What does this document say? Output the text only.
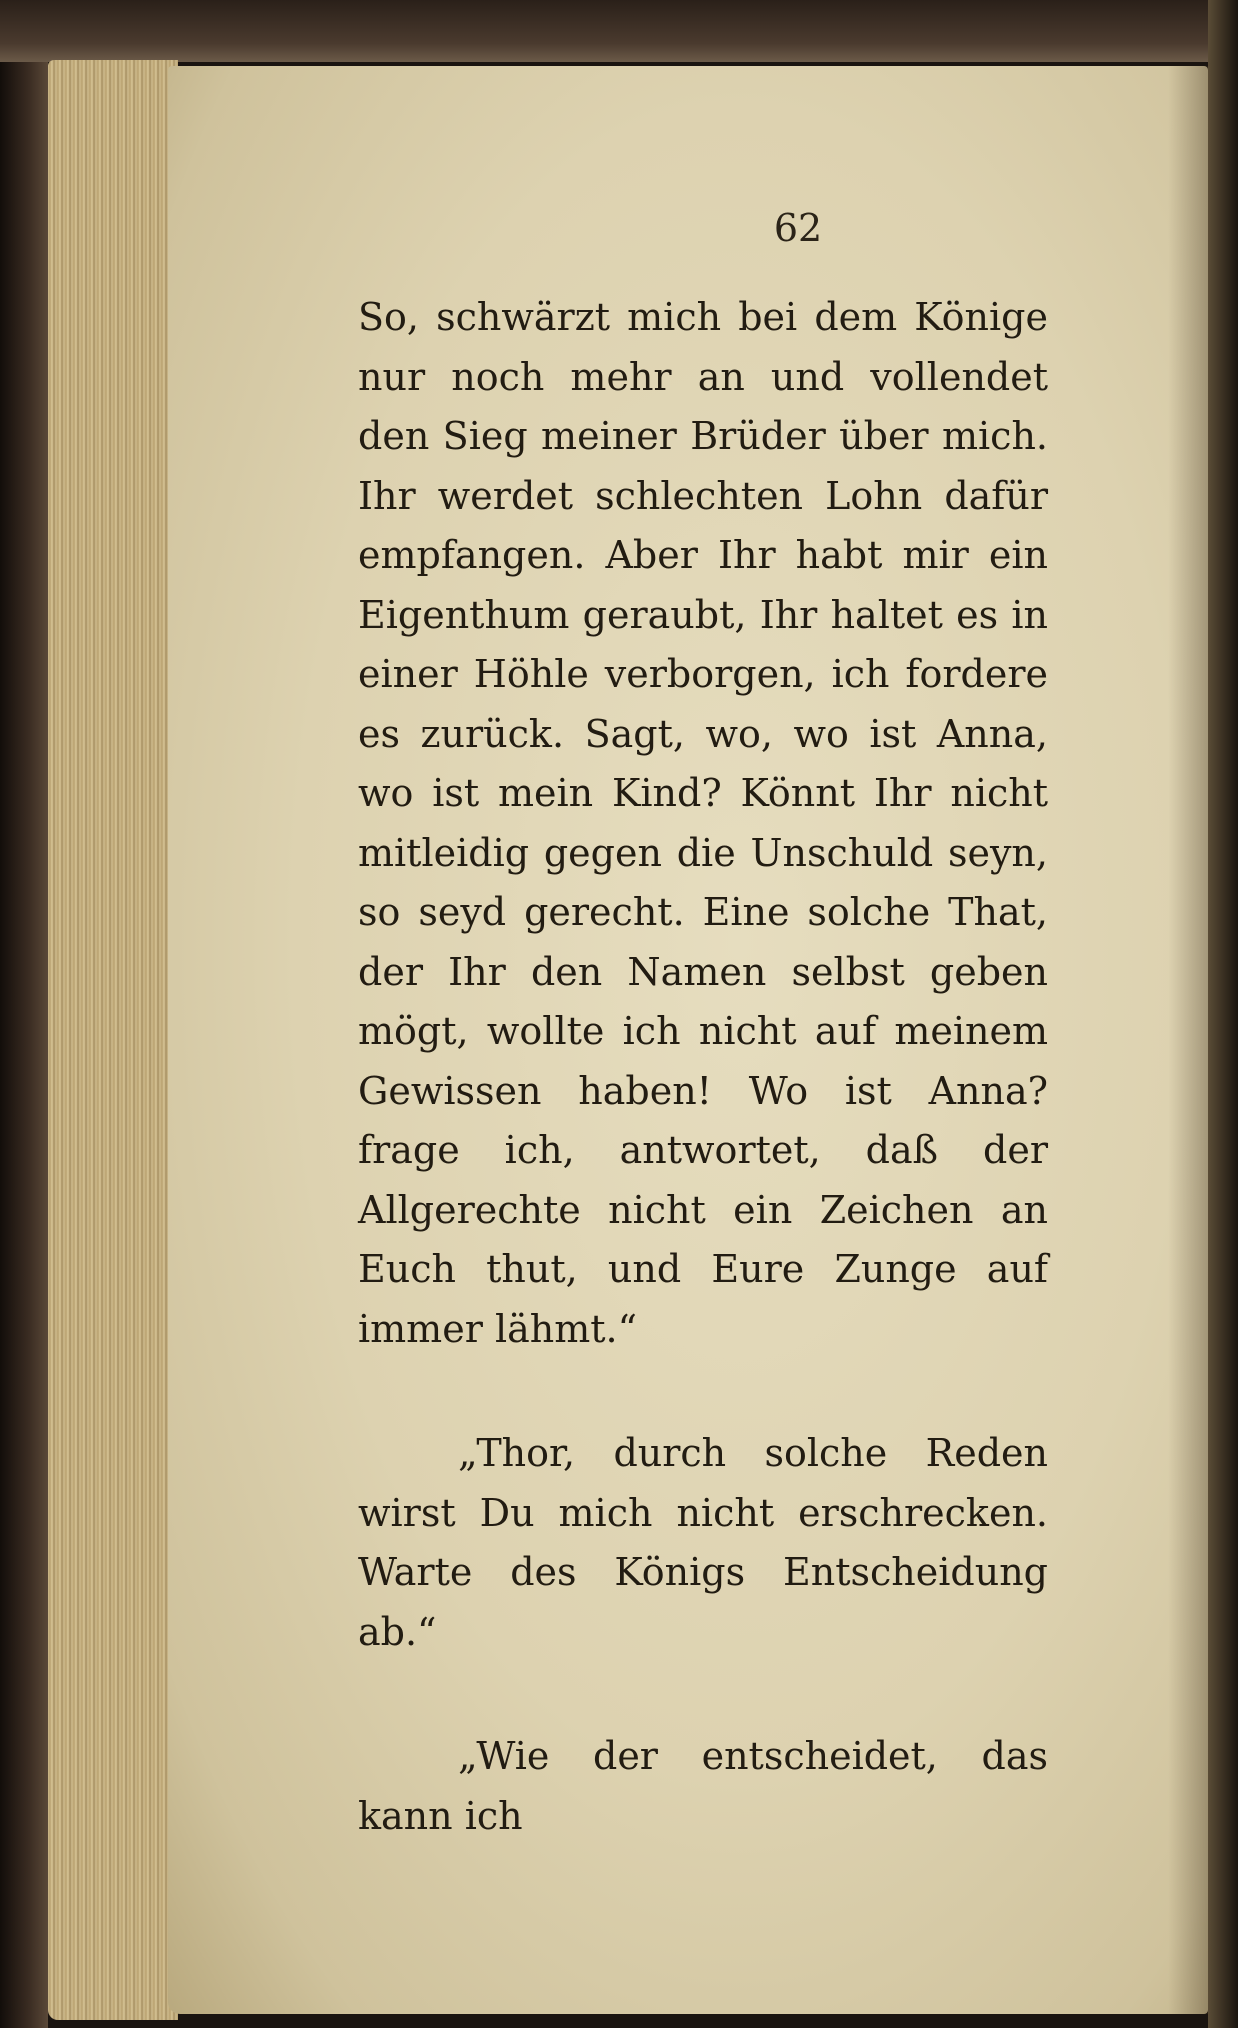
62

So, schwärzt mich bei dem Könige nur noch mehr an und vollendet den Sieg meiner Brüder über mich. Ihr werdet schlechten Lohn dafür empfangen. Aber Ihr habt mir ein Eigenthum geraubt, Ihr haltet es in einer Höhle verborgen, ich fordere es zurück. Sagt, wo, wo ist Anna, wo ist mein Kind? Könnt Ihr nicht mitleidig gegen die Unschuld seyn, so seyd gerecht. Eine solche That, der Ihr den Namen selbst geben mögt, wollte ich nicht auf meinem Gewissen haben! Wo ist Anna? frage ich, antwortet, daß der Allgerechte nicht ein Zeichen an Euch thut, und Eure Zunge auf immer lähmt.“

„Thor, durch solche Reden wirst Du mich nicht erschrecken. Warte des Königs Entscheidung ab.“

„Wie der entscheidet, das kann ich
